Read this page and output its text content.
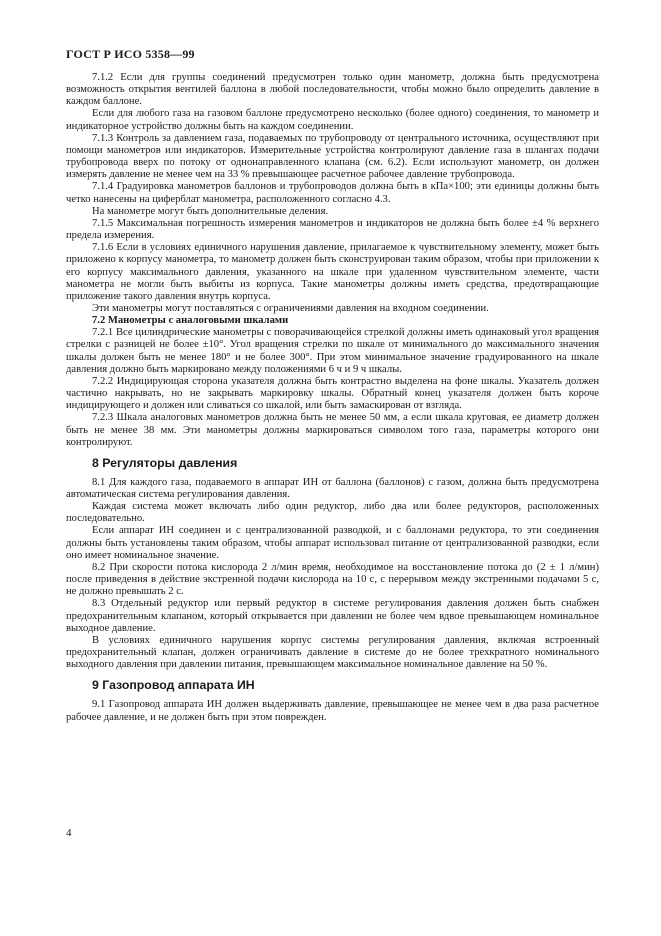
ГОСТ Р ИСО 5358—99

7.1.2 Если для группы соединений предусмотрен только один манометр, должна быть предусмотрена возможность открытия вентилей баллона в любой последовательности, чтобы можно было определить давление в каждом баллоне.

Если для любого газа на газовом баллоне предусмотрено несколько (более одного) соединения, то манометр и индикаторное устройство должны быть на каждом соединении.

7.1.3 Контроль за давлением газа, подаваемых по трубопроводу от центрального источника, осуществляют при помощи манометров или индикаторов. Измерительные устройства контролируют давление газа в шлангах подачи трубопровода вверх по потоку от однонаправленного клапана (см. 6.2). Если используют манометр, он должен измерять давление не менее чем на 33 % превышающее расчетное рабочее давление трубопровода.

7.1.4 Градуировка манометров баллонов и трубопроводов должна быть в кПа×100; эти единицы должны быть четко нанесены на циферблат манометра, расположенного согласно 4.3.

На манометре могут быть дополнительные деления.

7.1.5 Максимальная погрешность измерения манометров и индикаторов не должна быть более ±4 % верхнего предела измерения.

7.1.6 Если в условиях единичного нарушения давление, прилагаемое к чувствительному элементу, может быть приложено к корпусу манометра, то манометр должен быть сконструирован таким образом, чтобы при приложении к его корпусу максимального давления, указанного на шкале при удаленном чувствительном элементе, части манометра не могли быть выбиты из корпуса. Такие манометры должны иметь средства, предотвращающие приложение такого давления внутрь корпуса.

Эти манометры могут поставляться с ограничениями давления на входном соединении.

7.2 Манометры с аналоговыми шкалами

7.2.1 Все цилиндрические манометры с поворачивающейся стрелкой должны иметь одинаковый угол вращения стрелки с разницей не более ±10°. Угол вращения стрелки по шкале от минимального до максимального значения шкалы должен быть не менее 180° и не более 300°. При этом минимальное значение градуированного на шкале давления должно быть маркировано между положениями 6 ч и 9 ч шкалы.

7.2.2 Индицирующая сторона указателя должна быть контрастно выделена на фоне шкалы. Указатель должен частично накрывать, но не закрывать маркировку шкалы. Обратный конец указателя должен быть короче индицирующего и должен или сливаться со шкалой, или быть замаскирован от взгляда.

7.2.3 Шкала аналоговых манометров должна быть не менее 50 мм, а если шкала круговая, ее диаметр должен быть не менее 38 мм. Эти манометры должны маркироваться символом того газа, параметры которого они контролируют.

8 Регуляторы давления

8.1 Для каждого газа, подаваемого в аппарат ИН от баллона (баллонов) с газом, должна быть предусмотрена автоматическая система регулирования давления.

Каждая система может включать либо один редуктор, либо два или более редукторов, расположенных последовательно.

Если аппарат ИН соединен и с централизованной разводкой, и с баллонами редуктора, то эти соединения должны быть установлены таким образом, чтобы аппарат использовал питание от централизованной разводки, если оно имеет номинальное значение.

8.2 При скорости потока кислорода 2 л/мин время, необходимое на восстановление потока до (2 ± 1 л/мин) после приведения в действие экстренной подачи кислорода на 10 с, с перерывом между экстренными подачами 5 с, не должно превышать 2 с.

8.3 Отдельный редуктор или первый редуктор в системе регулирования давления должен быть снабжен предохранительным клапаном, который открывается при давлении не более чем вдвое превышающем номинальное выходное давление.

В условиях единичного нарушения корпус системы регулирования давления, включая встроенный предохранительный клапан, должен ограничивать давление в системе до не более трехкратного номинального выходного давления при давлении питания, превышающем максимальное номинальное давление на 50 %.

9 Газопровод аппарата ИН

9.1 Газопровод аппарата ИН должен выдерживать давление, превышающее не менее чем в два раза расчетное рабочее давление, и не должен быть при этом поврежден.

4
